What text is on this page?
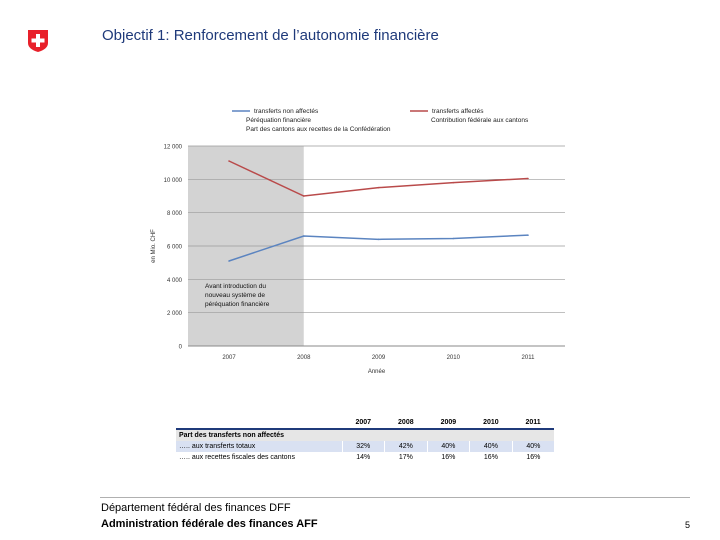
Objectif 1: Renforcement de l’autonomie financière
0
2 000
4 000
6 000
8 000
10 000
12 000
2007	2008	2009	2010	2011
Année
en Mio. CHF
Avant introduction du
nouveau système de
péréquation financière
transferts non affectés	transferts affectés
Péréquation financière	Contribution fédérale aux cantons
Part des cantons aux recettes de la Confédération
	2007	2008	2009	2010	2011
Part des transferts non affectés					
….. aux transferts totaux	32%	42%	40%	40%	40%
….. aux recettes fiscales des cantons	14%	17%	16%	16%	16%
Département fédéral des finances DFF
Administration fédérale des finances AFF	5
